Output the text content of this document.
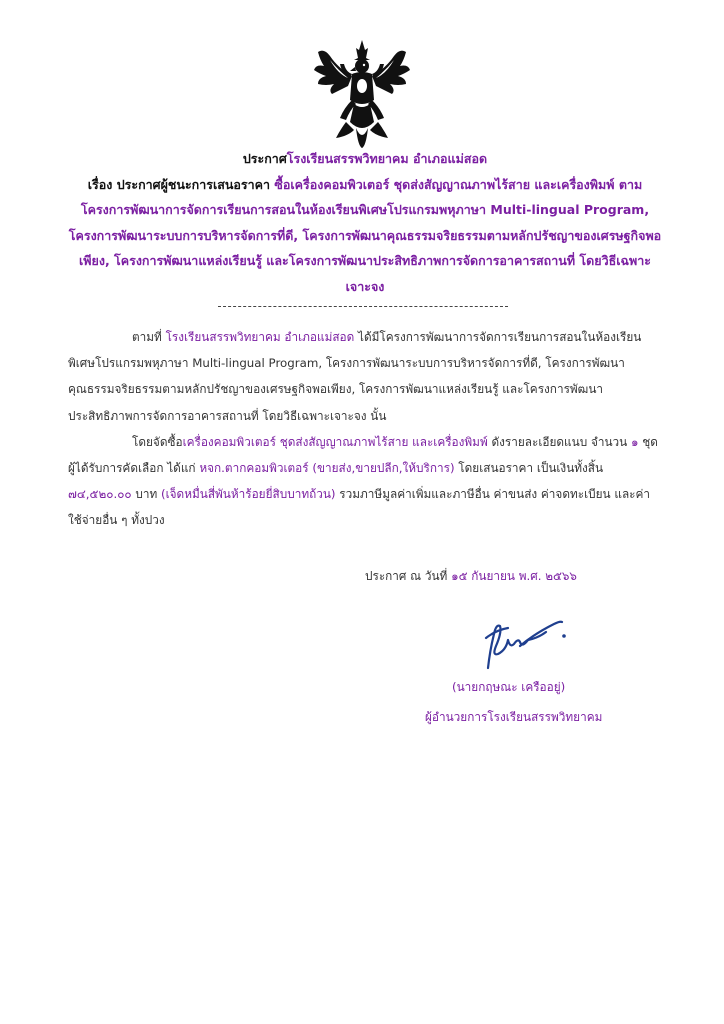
ประกาศโรงเรียนสรรพวิทยาคม อำเภอแม่สอด
เรื่อง ประกาศผู้ชนะการเสนอราคา ซื้อเครื่องคอมพิวเตอร์ ชุดส่งสัญญาณภาพไร้สาย และเครื่องพิมพ์ ตาม
โครงการพัฒนาการจัดการเรียนการสอนในห้องเรียนพิเศษโปรแกรมพหุภาษา Multi-lingual Program,
โครงการพัฒนาระบบการบริหารจัดการที่ดี, โครงการพัฒนาคุณธรรมจริยธรรมตามหลักปรัชญาของเศรษฐกิจพอ
เพียง, โครงการพัฒนาแหล่งเรียนรู้ และโครงการพัฒนาประสิทธิภาพการจัดการอาคารสถานที่ โดยวิธีเฉพาะ
เจาะจง

ตามที่ โรงเรียนสรรพวิทยาคม อำเภอแม่สอด ได้มีโครงการพัฒนาการจัดการเรียนการสอนในห้องเรียนพิเศษโปรแกรมพหุภาษา Multi-lingual Program, โครงการพัฒนาระบบการบริหารจัดการที่ดี, โครงการพัฒนาคุณธรรมจริยธรรมตามหลักปรัชญาของเศรษฐกิจพอเพียง, โครงการพัฒนาแหล่งเรียนรู้ และโครงการพัฒนาประสิทธิภาพการจัดการอาคารสถานที่ โดยวิธีเฉพาะเจาะจง นั้น

โดยจัดซื้อเครื่องคอมพิวเตอร์ ชุดส่งสัญญาณภาพไร้สาย และเครื่องพิมพ์ ดังรายละเอียดแนบ จำนวน ๑ ชุด ผู้ได้รับการคัดเลือก ได้แก่ หจก.ตากคอมพิวเตอร์ (ขายส่ง,ขายปลีก,ให้บริการ) โดยเสนอราคา เป็นเงินทั้งสิ้น ๗๔,๕๒๐.๐๐ บาท (เจ็ดหมื่นสี่พันห้าร้อยยี่สิบบาทถ้วน) รวมภาษีมูลค่าเพิ่มและภาษีอื่น ค่าขนส่ง ค่าจดทะเบียน และค่าใช้จ่ายอื่น ๆ ทั้งปวง

ประกาศ ณ วันที่ ๑๕ กันยายน พ.ศ. ๒๕๖๖
(นายกฤษณะ เครืออยู่)
ผู้อำนวยการโรงเรียนสรรพวิทยาคม
